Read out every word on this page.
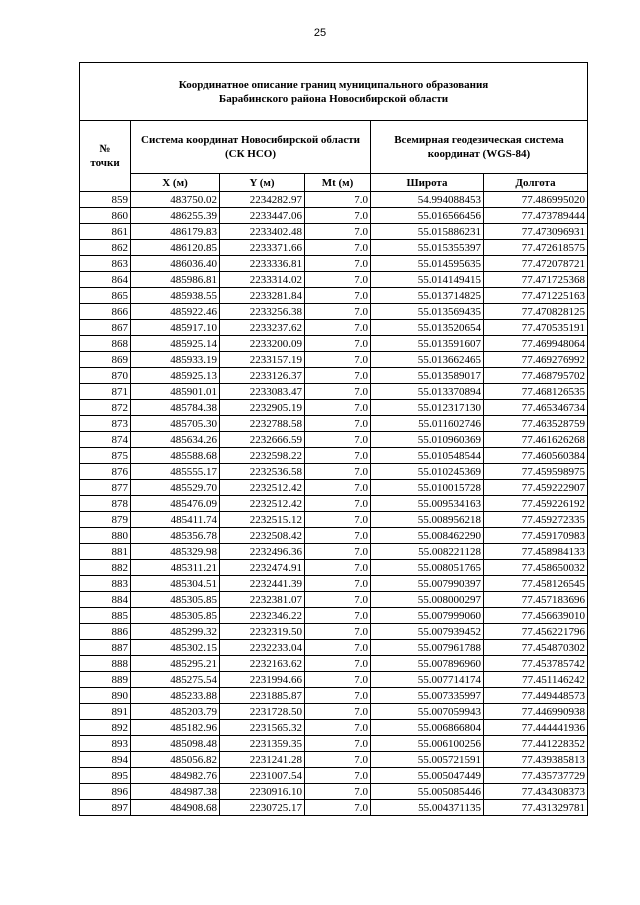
25
Координатное описание границ муниципального образования
Барабинского района Новосибирской области					

№
точки	Система координат Новосибирской области (СК НСО)			Всемирная геодезическая система координат (WGS-84)	
	X (м)	Y (м)	Mt (м)	Широта	Долгота
859	483750.02	2234282.97	7.0	54.994088453	77.486995020
860	486255.39	2233447.06	7.0	55.016566456	77.473789444
861	486179.83	2233402.48	7.0	55.015886231	77.473096931
862	486120.85	2233371.66	7.0	55.015355397	77.472618575
863	486036.40	2233336.81	7.0	55.014595635	77.472078721
864	485986.81	2233314.02	7.0	55.014149415	77.471725368
865	485938.55	2233281.84	7.0	55.013714825	77.471225163
866	485922.46	2233256.38	7.0	55.013569435	77.470828125
867	485917.10	2233237.62	7.0	55.013520654	77.470535191
868	485925.14	2233200.09	7.0	55.013591607	77.469948064
869	485933.19	2233157.19	7.0	55.013662465	77.469276992
870	485925.13	2233126.37	7.0	55.013589017	77.468795702
871	485901.01	2233083.47	7.0	55.013370894	77.468126535
872	485784.38	2232905.19	7.0	55.012317130	77.465346734
873	485705.30	2232788.58	7.0	55.011602746	77.463528759
874	485634.26	2232666.59	7.0	55.010960369	77.461626268
875	485588.68	2232598.22	7.0	55.010548544	77.460560384
876	485555.17	2232536.58	7.0	55.010245369	77.459598975
877	485529.70	2232512.42	7.0	55.010015728	77.459222907
878	485476.09	2232512.42	7.0	55.009534163	77.459226192
879	485411.74	2232515.12	7.0	55.008956218	77.459272335
880	485356.78	2232508.42	7.0	55.008462290	77.459170983
881	485329.98	2232496.36	7.0	55.008221128	77.458984133
882	485311.21	2232474.91	7.0	55.008051765	77.458650032
883	485304.51	2232441.39	7.0	55.007990397	77.458126545
884	485305.85	2232381.07	7.0	55.008000297	77.457183696
885	485305.85	2232346.22	7.0	55.007999060	77.456639010
886	485299.32	2232319.50	7.0	55.007939452	77.456221796
887	485302.15	2232233.04	7.0	55.007961788	77.454870302
888	485295.21	2232163.62	7.0	55.007896960	77.453785742
889	485275.54	2231994.66	7.0	55.007714174	77.451146242
890	485233.88	2231885.87	7.0	55.007335997	77.449448573
891	485203.79	2231728.50	7.0	55.007059943	77.446990938
892	485182.96	2231565.32	7.0	55.006866804	77.444441936
893	485098.48	2231359.35	7.0	55.006100256	77.441228352
894	485056.82	2231241.28	7.0	55.005721591	77.439385813
895	484982.76	2231007.54	7.0	55.005047449	77.435737729
896	484987.38	2230916.10	7.0	55.005085446	77.434308373
897	484908.68	2230725.17	7.0	55.004371135	77.431329781
